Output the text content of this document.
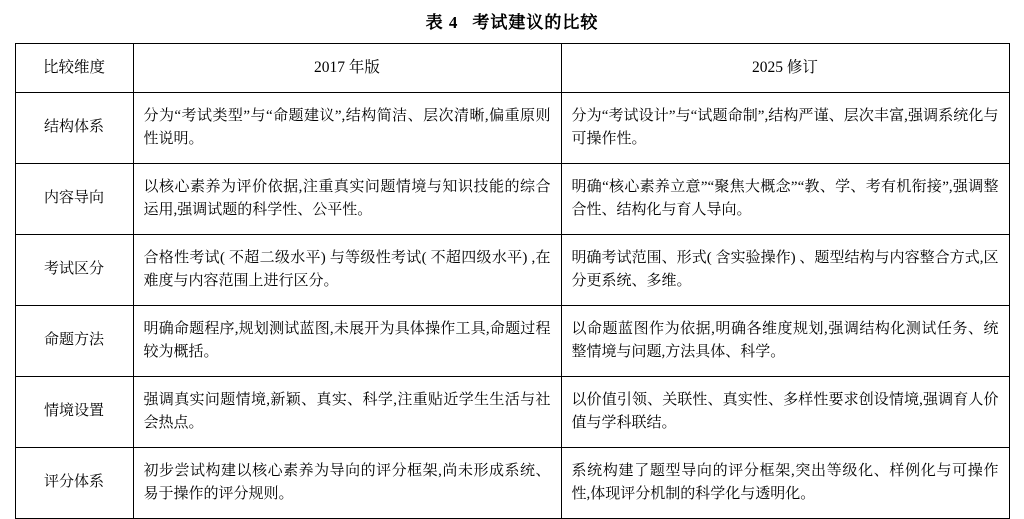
表 4 考试建议的比较
比较维度	2017 年版	2025 修订
结构体系	分为“考试类型”与“命题建议”,结构简洁、层次清晰,偏重原则性说明。	分为“考试设计”与“试题命制”,结构严谨、层次丰富,强调系统化与可操作性。
内容导向	以核心素养为评价依据,注重真实问题情境与知识技能的综合运用,强调试题的科学性、公平性。	明确“核心素养立意”“聚焦大概念”“教、学、考有机衔接”,强调整合性、结构化与育人导向。
考试区分	合格性考试( 不超二级水平) 与等级性考试( 不超四级水平) ,在难度与内容范围上进行区分。	明确考试范围、形式( 含实验操作) 、题型结构与内容整合方式,区分更系统、多维。
命题方法	明确命题程序,规划测试蓝图,未展开为具体操作工具,命题过程较为概括。	以命题蓝图作为依据,明确各维度规划,强调结构化测试任务、统整情境与问题,方法具体、科学。
情境设置	强调真实问题情境,新颖、真实、科学,注重贴近学生生活与社会热点。	以价值引领、关联性、真实性、多样性要求创设情境,强调育人价值与学科联结。
评分体系	初步尝试构建以核心素养为导向的评分框架,尚未形成系统、易于操作的评分规则。	系统构建了题型导向的评分框架,突出等级化、样例化与可操作性,体现评分机制的科学化与透明化。
